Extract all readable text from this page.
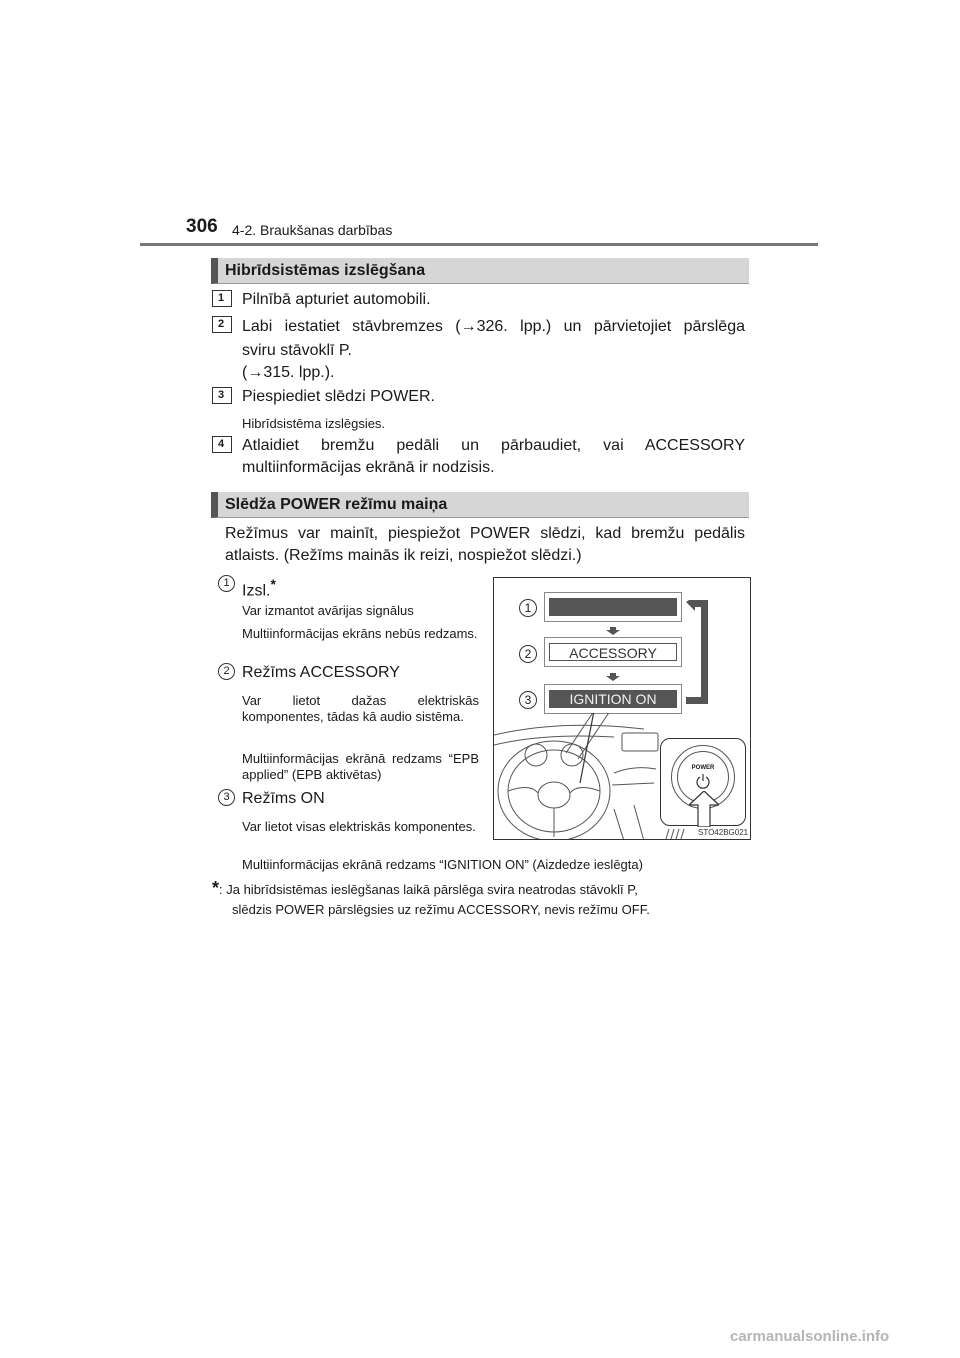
306 4-2. Braukšanas darbības
Hibrīdsistēmas izslēgšana
1	Pilnībā apturiet automobili.
2	Labi iestatiet stāvbremzes (→326. lpp.) un pārvietojiet pārslēga
sviru stāvoklī P.
(→315. lpp.).
3	Piespiediet slēdzi POWER.
Hibrīdsistēma izslēgsies.
4	Atlaidiet bremžu pedāli un pārbaudiet, vai ACCESSORY
multiinformācijas ekrānā ir nodzisis.
Slēdža POWER režīmu maiņa
Režīmus var mainīt, piespiežot POWER slēdzi, kad bremžu pedālis
atlaists. (Režīms mainās ik reizi, nospiežot slēdzi.)
1 Izsl.*
Var izmantot avārijas signālus
Multiinformācijas ekrāns nebūs redzams.
2 Režīms ACCESSORY
Var lietot dažas elektriskās komponentes, tādas kā audio sistēma.
Multiinformācijas ekrānā redzams “EPB applied” (EPB aktivētas)
3 Režīms ON
Var lietot visas elektriskās komponentes.
Multiinformācijas ekrānā redzams “IGNITION ON” (Aizdedze ieslēgta)
1
2
3
ACCESSORY
IGNITION ON
POWER
STO42BG021
*: Ja hibrīdsistēmas ieslēgšanas laikā pārslēga svira neatrodas stāvoklī P,
slēdzis POWER pārslēgsies uz režīmu ACCESSORY, nevis režīmu OFF.
carmanualsonline.info
